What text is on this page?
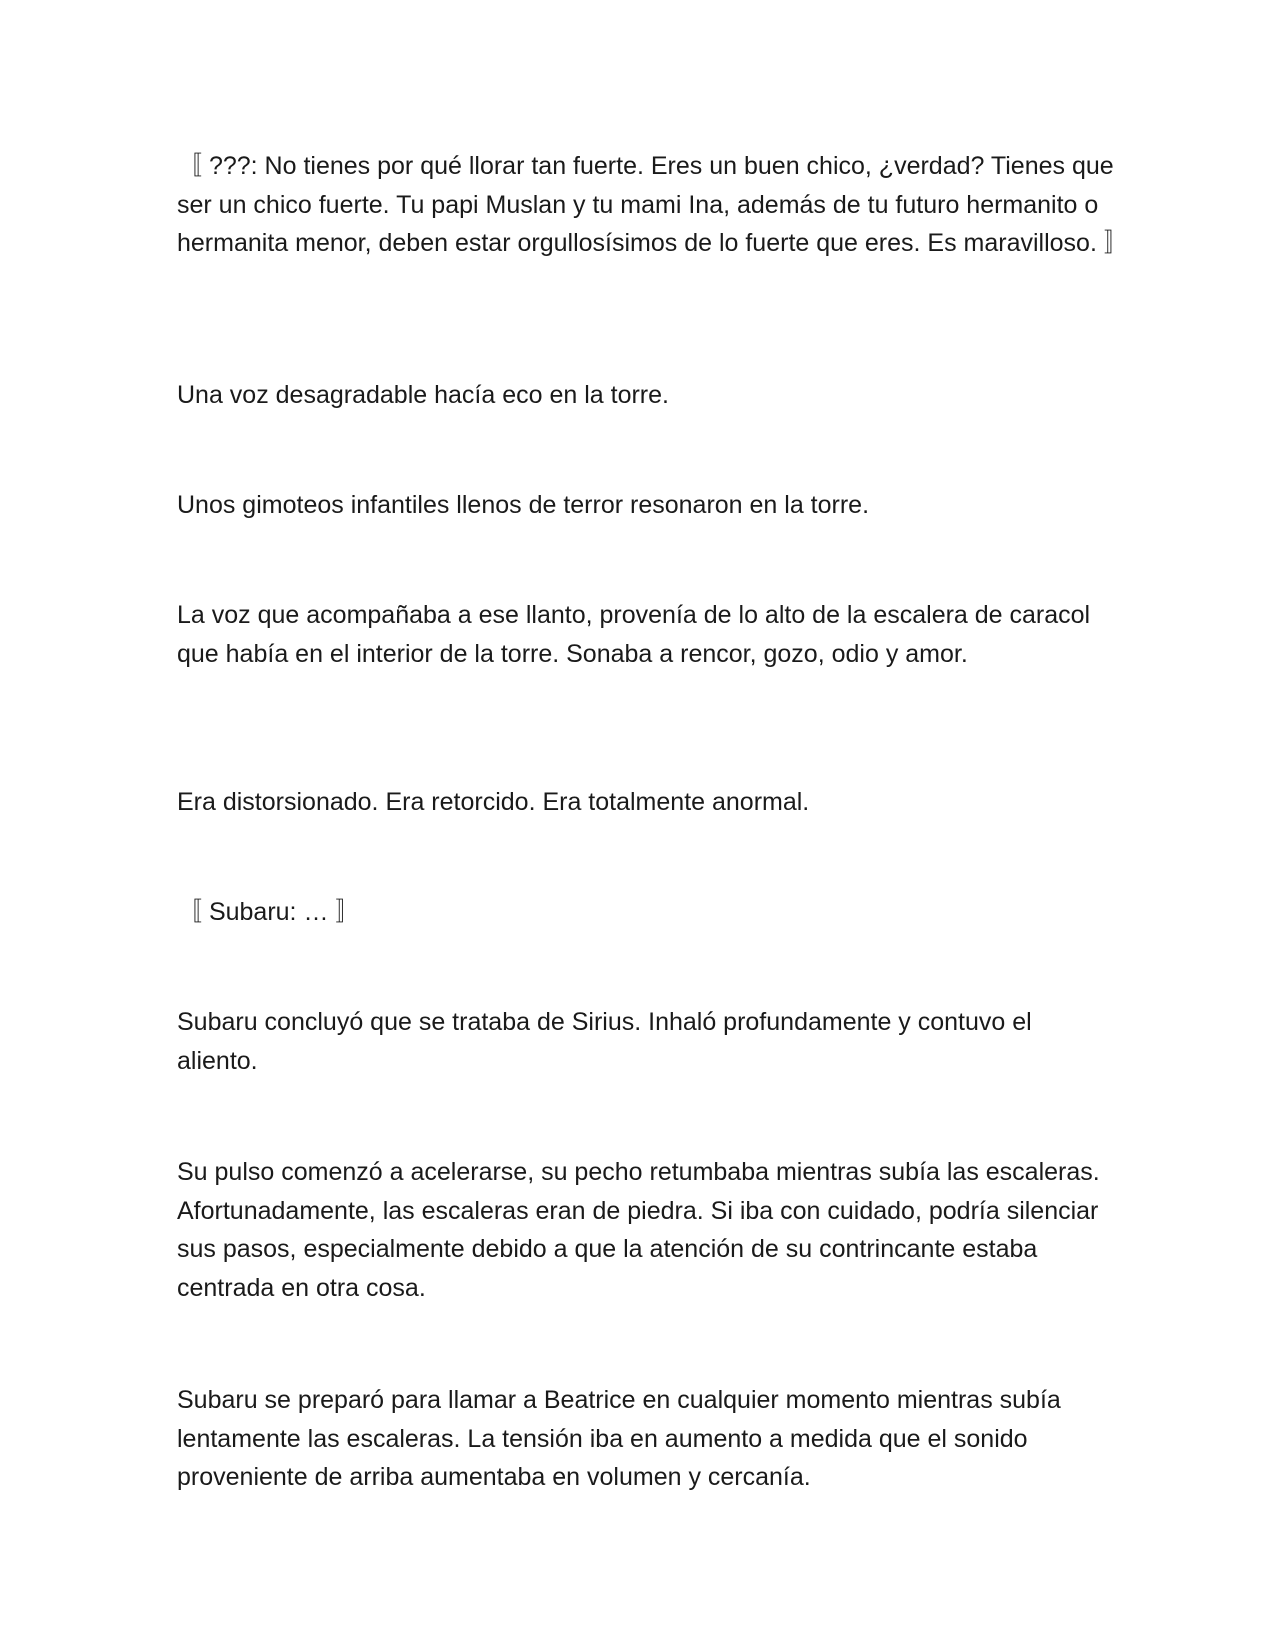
〚 ???: No tienes por qué llorar tan fuerte. Eres un buen chico, ¿verdad? Tienes que ser un chico fuerte. Tu papi Muslan y tu mami Ina, además de tu futuro hermanito o hermanita menor, deben estar orgullosísimos de lo fuerte que eres. Es maravilloso. 〛

Una voz desagradable hacía eco en la torre.

Unos gimoteos infantiles llenos de terror resonaron en la torre.

La voz que acompañaba a ese llanto, provenía de lo alto de la escalera de caracol que había en el interior de la torre. Sonaba a rencor, gozo, odio y amor.

Era distorsionado. Era retorcido. Era totalmente anormal.

〚 Subaru: … 〛

Subaru concluyó que se trataba de Sirius. Inhaló profundamente y contuvo el aliento.

Su pulso comenzó a acelerarse, su pecho retumbaba mientras subía las escaleras. Afortunadamente, las escaleras eran de piedra. Si iba con cuidado, podría silenciar sus pasos, especialmente debido a que la atención de su contrincante estaba centrada en otra cosa.

Subaru se preparó para llamar a Beatrice en cualquier momento mientras subía lentamente las escaleras. La tensión iba en aumento a medida que el sonido proveniente de arriba aumentaba en volumen y cercanía.
